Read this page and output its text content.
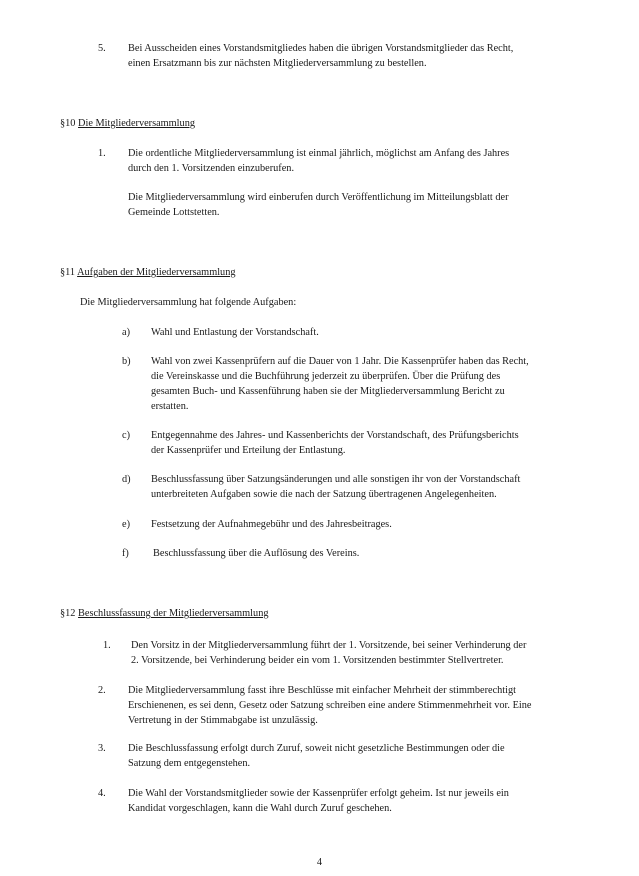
5. Bei Ausscheiden eines Vorstandsmitgliedes haben die übrigen Vorstandsmitglieder das Recht,
einen Ersatzmann bis zur nächsten Mitgliederversammlung zu bestellen.
§10 Die Mitgliederversammlung
1. Die ordentliche Mitgliederversammlung ist einmal jährlich, möglichst am Anfang des Jahres
durch den 1. Vorsitzenden einzuberufen.
Die Mitgliederversammlung wird einberufen durch Veröffentlichung im Mitteilungsblatt der
Gemeinde Lottstetten.
§11 Aufgaben der Mitgliederversammlung
Die Mitgliederversammlung hat folgende Aufgaben:
a) Wahl und Entlastung der Vorstandschaft.
b) Wahl von zwei Kassenprüfern auf die Dauer von 1 Jahr. Die Kassenprüfer haben das Recht,
die Vereinskasse und die Buchführung jederzeit zu überprüfen. Über die Prüfung des
gesamten Buch- und Kassenführung haben sie der Mitgliederversammlung Bericht zu
erstatten.
c) Entgegennahme des Jahres- und Kassenberichts der Vorstandschaft, des Prüfungsberichts
der Kassenprüfer und Erteilung der Entlastung.
d) Beschlussfassung über Satzungsänderungen und alle sonstigen ihr von der Vorstandschaft
unterbreiteten Aufgaben sowie die nach der Satzung übertragenen Angelegenheiten.
e) Festsetzung der Aufnahmegebühr und des Jahresbeitrages.
f) Beschlussfassung über die Auflösung des Vereins.
§12 Beschlussfassung der Mitgliederversammlung
1. Den Vorsitz in der Mitgliederversammlung führt der 1. Vorsitzende, bei seiner Verhinderung der
2. Vorsitzende, bei Verhinderung beider ein vom 1. Vorsitzenden bestimmter Stellvertreter.
2. Die Mitgliederversammlung fasst ihre Beschlüsse mit einfacher Mehrheit der stimmberechtigt
Erschienenen, es sei denn, Gesetz oder Satzung schreiben eine andere Stimmenmehrheit vor. Eine
Vertretung in der Stimmabgabe ist unzulässig.
3. Die Beschlussfassung erfolgt durch Zuruf, soweit nicht gesetzliche Bestimmungen oder die
Satzung dem entgegenstehen.
4. Die Wahl der Vorstandsmitglieder sowie der Kassenprüfer erfolgt geheim. Ist nur jeweils ein
Kandidat vorgeschlagen, kann die Wahl durch Zuruf geschehen.
4
